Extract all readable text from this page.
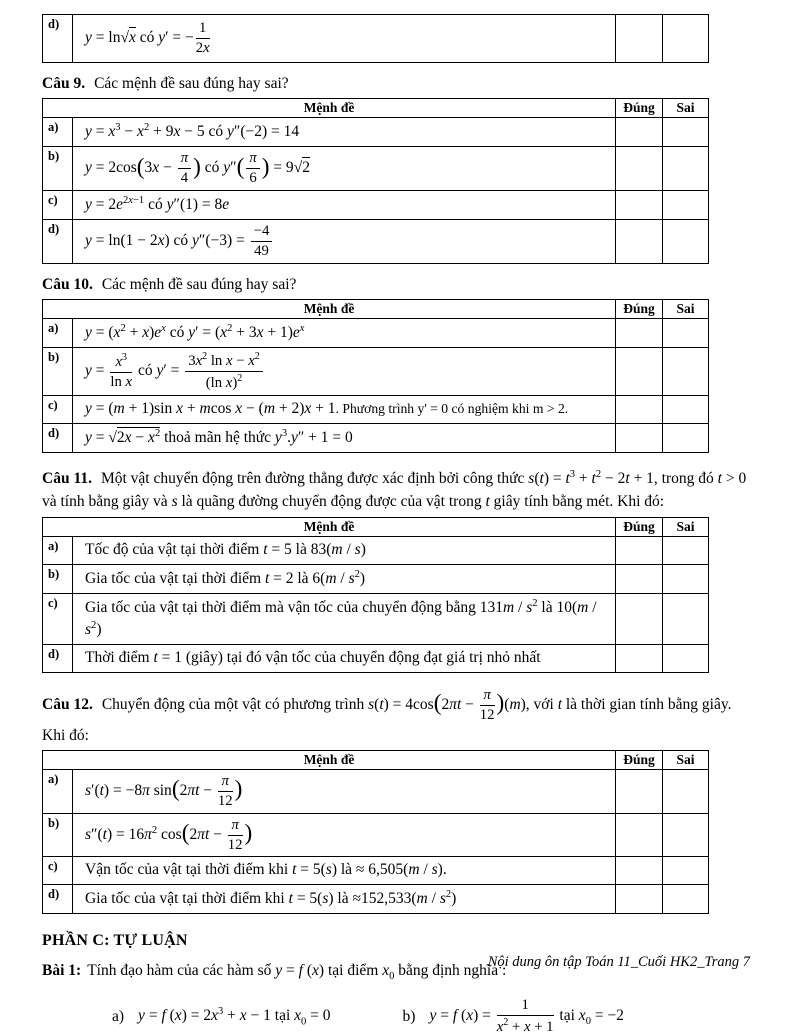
d)	y = ln√x có y′ = − $\frac{1}{2x}$

Câu 9. Các mệnh đề sau đúng hay sai?
Mệnh đề		Đúng	Sai
a)	$y = x^3 - x^2 + 9x - 5$ có y″(−2) = 14		
b)	$y = 2\cos(3x - \frac{\pi}{4}$ ) có $y''( \frac{\pi}{6}$ ) = 9√2		
c)	$y = 2e^{2x-1}$ có y″(1) = 8e		
d)	y = ln(1 − 2x) có $y''(-3) = \frac{-4}{49}$

Câu 10. Các mệnh đề sau đúng hay sai?
Mệnh đề		Đúng	Sai
a)	$y = (x^2 + x)e^x$ có $y' = (x^2 + 3x + 1)e^x$		
b)	$y = \frac{x^3}{\text{ln x}}$ có $y' = \frac{3x^2 \ln x - x^2}{(\ln x)^2}$

c)	y = (m + 1)sin x + mcos x − (m + 2)x + 1. Phương trình y' = 0 có nghiệm khi m > 2.		
d)	$y = √2x - x^2$ thoả mãn hệ thức $y^3.y'' + 1 = 0$		
Câu 11. Một vật chuyển động trên đường thẳng được xác định bởi công thức $s(t) = t^3 + t^2 - 2t + 1$, trong đó t > 0 và tính bằng giây và s là quãng đường chuyển động được của vật trong t giây tính bằng mét. Khi đó:
Mệnh đề		Đúng	Sai
a)	Tốc độ của vật tại thời điểm t = 5 là 83(m / s)		
b)	Gia tốc của vật tại thời điểm t = 2 là $6(m / s^2)$		
c)	Gia tốc của vật tại thời điểm mà vận tốc của chuyển động bằng $131m / s^2$ là $10(m / s^2)$		
d)	Thời điểm t = 1 (giây) tại đó vận tốc của chuyển động đạt giá trị nhỏ nhất		
Câu 12. Chuyển động của một vật có phương trình $s(t) = 4\cos(2\pi t - \frac{\pi}{12} )(m)$, với t là thời gian tính bằng giây. Khi đó:
Mệnh đề		Đúng	Sai
a)	s′(t) = −8π $\sin(2\pi t - \frac{\pi}{12}$ )		
b)	$s''(t) = 16\pi^2$ $\cos(2\pi t - \frac{\pi}{12}$ )		
c)	Vận tốc của vật tại thời điểm khi t = 5(s) là ≈ 6,505(m / s).		
d)	Gia tốc của vật tại thời điểm khi t = 5(s) là $\approx 152,533(m / s^2)$		
PHẦN C: TỰ LUẬN
Bài 1: Tính đạo hàm của các hàm số y = f (x) tại điểm $x_0$ bằng định nghĩa :
a) y = f $(x) = 2x^3 + x - 1$ tại $x_0 = 0$	b) y = f $(x) = \frac{1}{x^2 + x + 1}$ tại $x_0 = -2$
Nội dung ôn tập Toán 11_Cuối HK2_Trang 7
